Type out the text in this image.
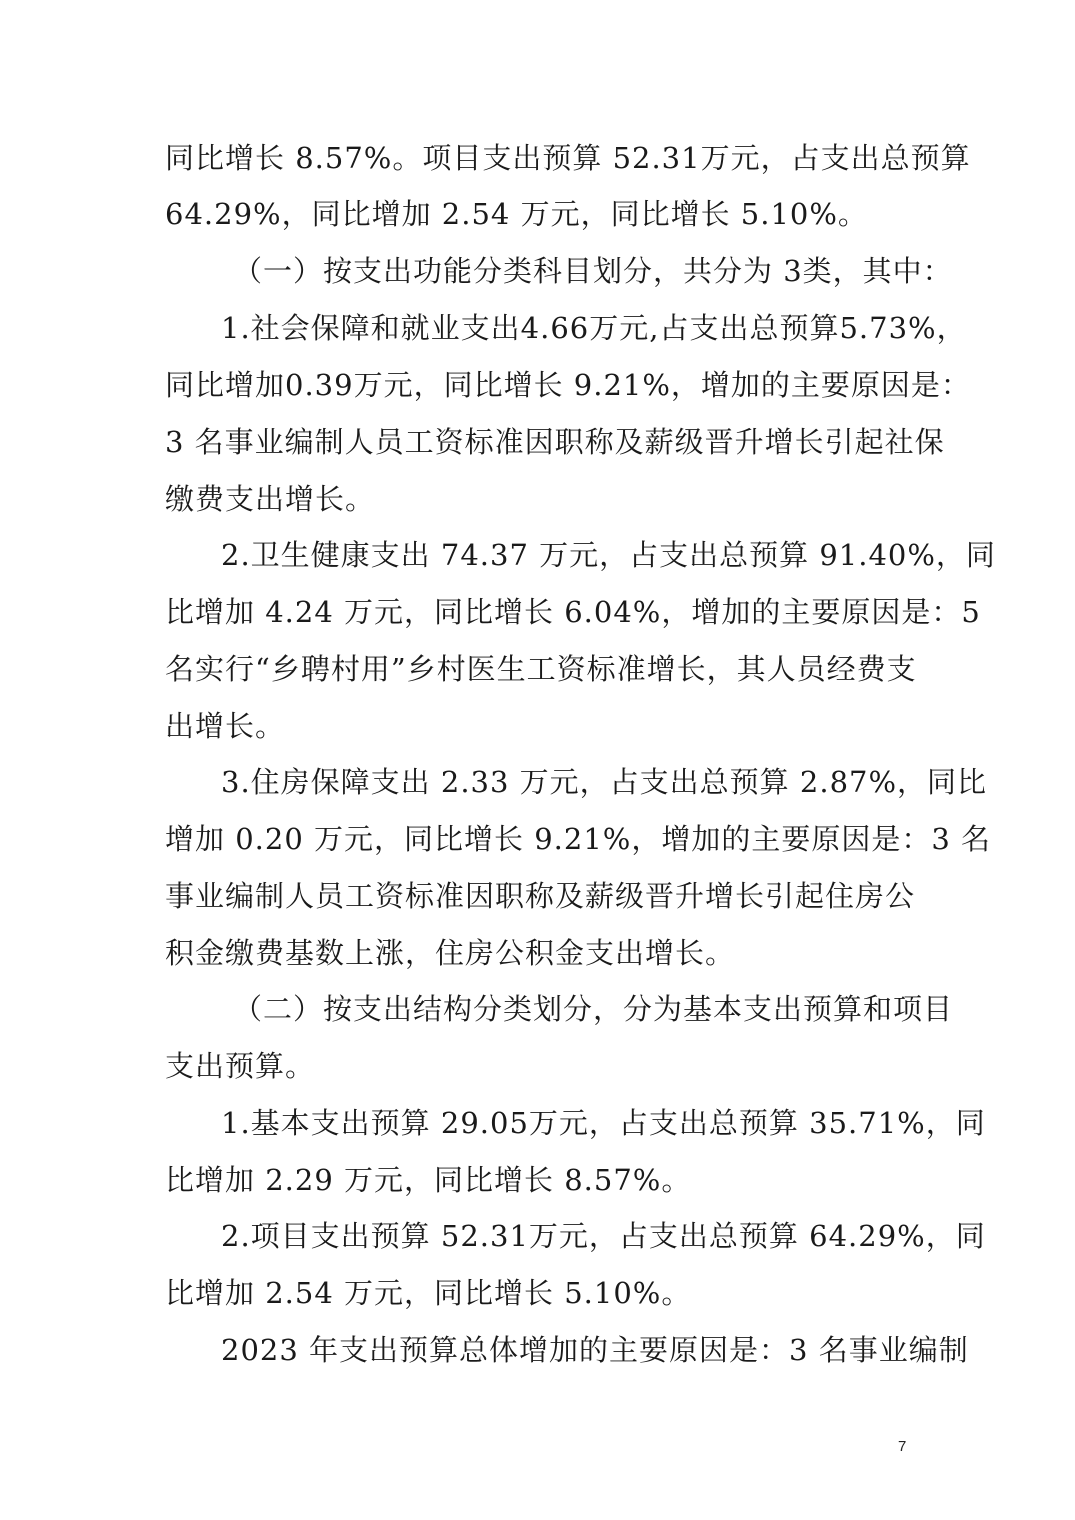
同比增长 8.57%。项目支出预算 52.31万元，占支出总预算
64.29%，同比增加 2.54 万元，同比增长 5.10%。
（一）按支出功能分类科目划分，共分为 3类，其中：
1.社会保障和就业支出4.66万元,占支出总预算5.73%，
同比增加0.39万元，同比增长 9.21%，增加的主要原因是：
3 名事业编制人员工资标准因职称及薪级晋升增长引起社保
缴费支出增长。
2.卫生健康支出 74.37 万元，占支出总预算 91.40%，同
比增加 4.24 万元，同比增长 6.04%，增加的主要原因是：5
名实行“乡聘村用”乡村医生工资标准增长，其人员经费支
出增长。
3.住房保障支出 2.33 万元，占支出总预算 2.87%，同比
增加 0.20 万元，同比增长 9.21%，增加的主要原因是：3 名
事业编制人员工资标准因职称及薪级晋升增长引起住房公
积金缴费基数上涨，住房公积金支出增长。
（二）按支出结构分类划分，分为基本支出预算和项目
支出预算。
1.基本支出预算 29.05万元，占支出总预算 35.71%，同
比增加 2.29 万元，同比增长 8.57%。
2.项目支出预算 52.31万元，占支出总预算 64.29%，同
比增加 2.54 万元，同比增长 5.10%。
2023 年支出预算总体增加的主要原因是：3 名事业编制
7
